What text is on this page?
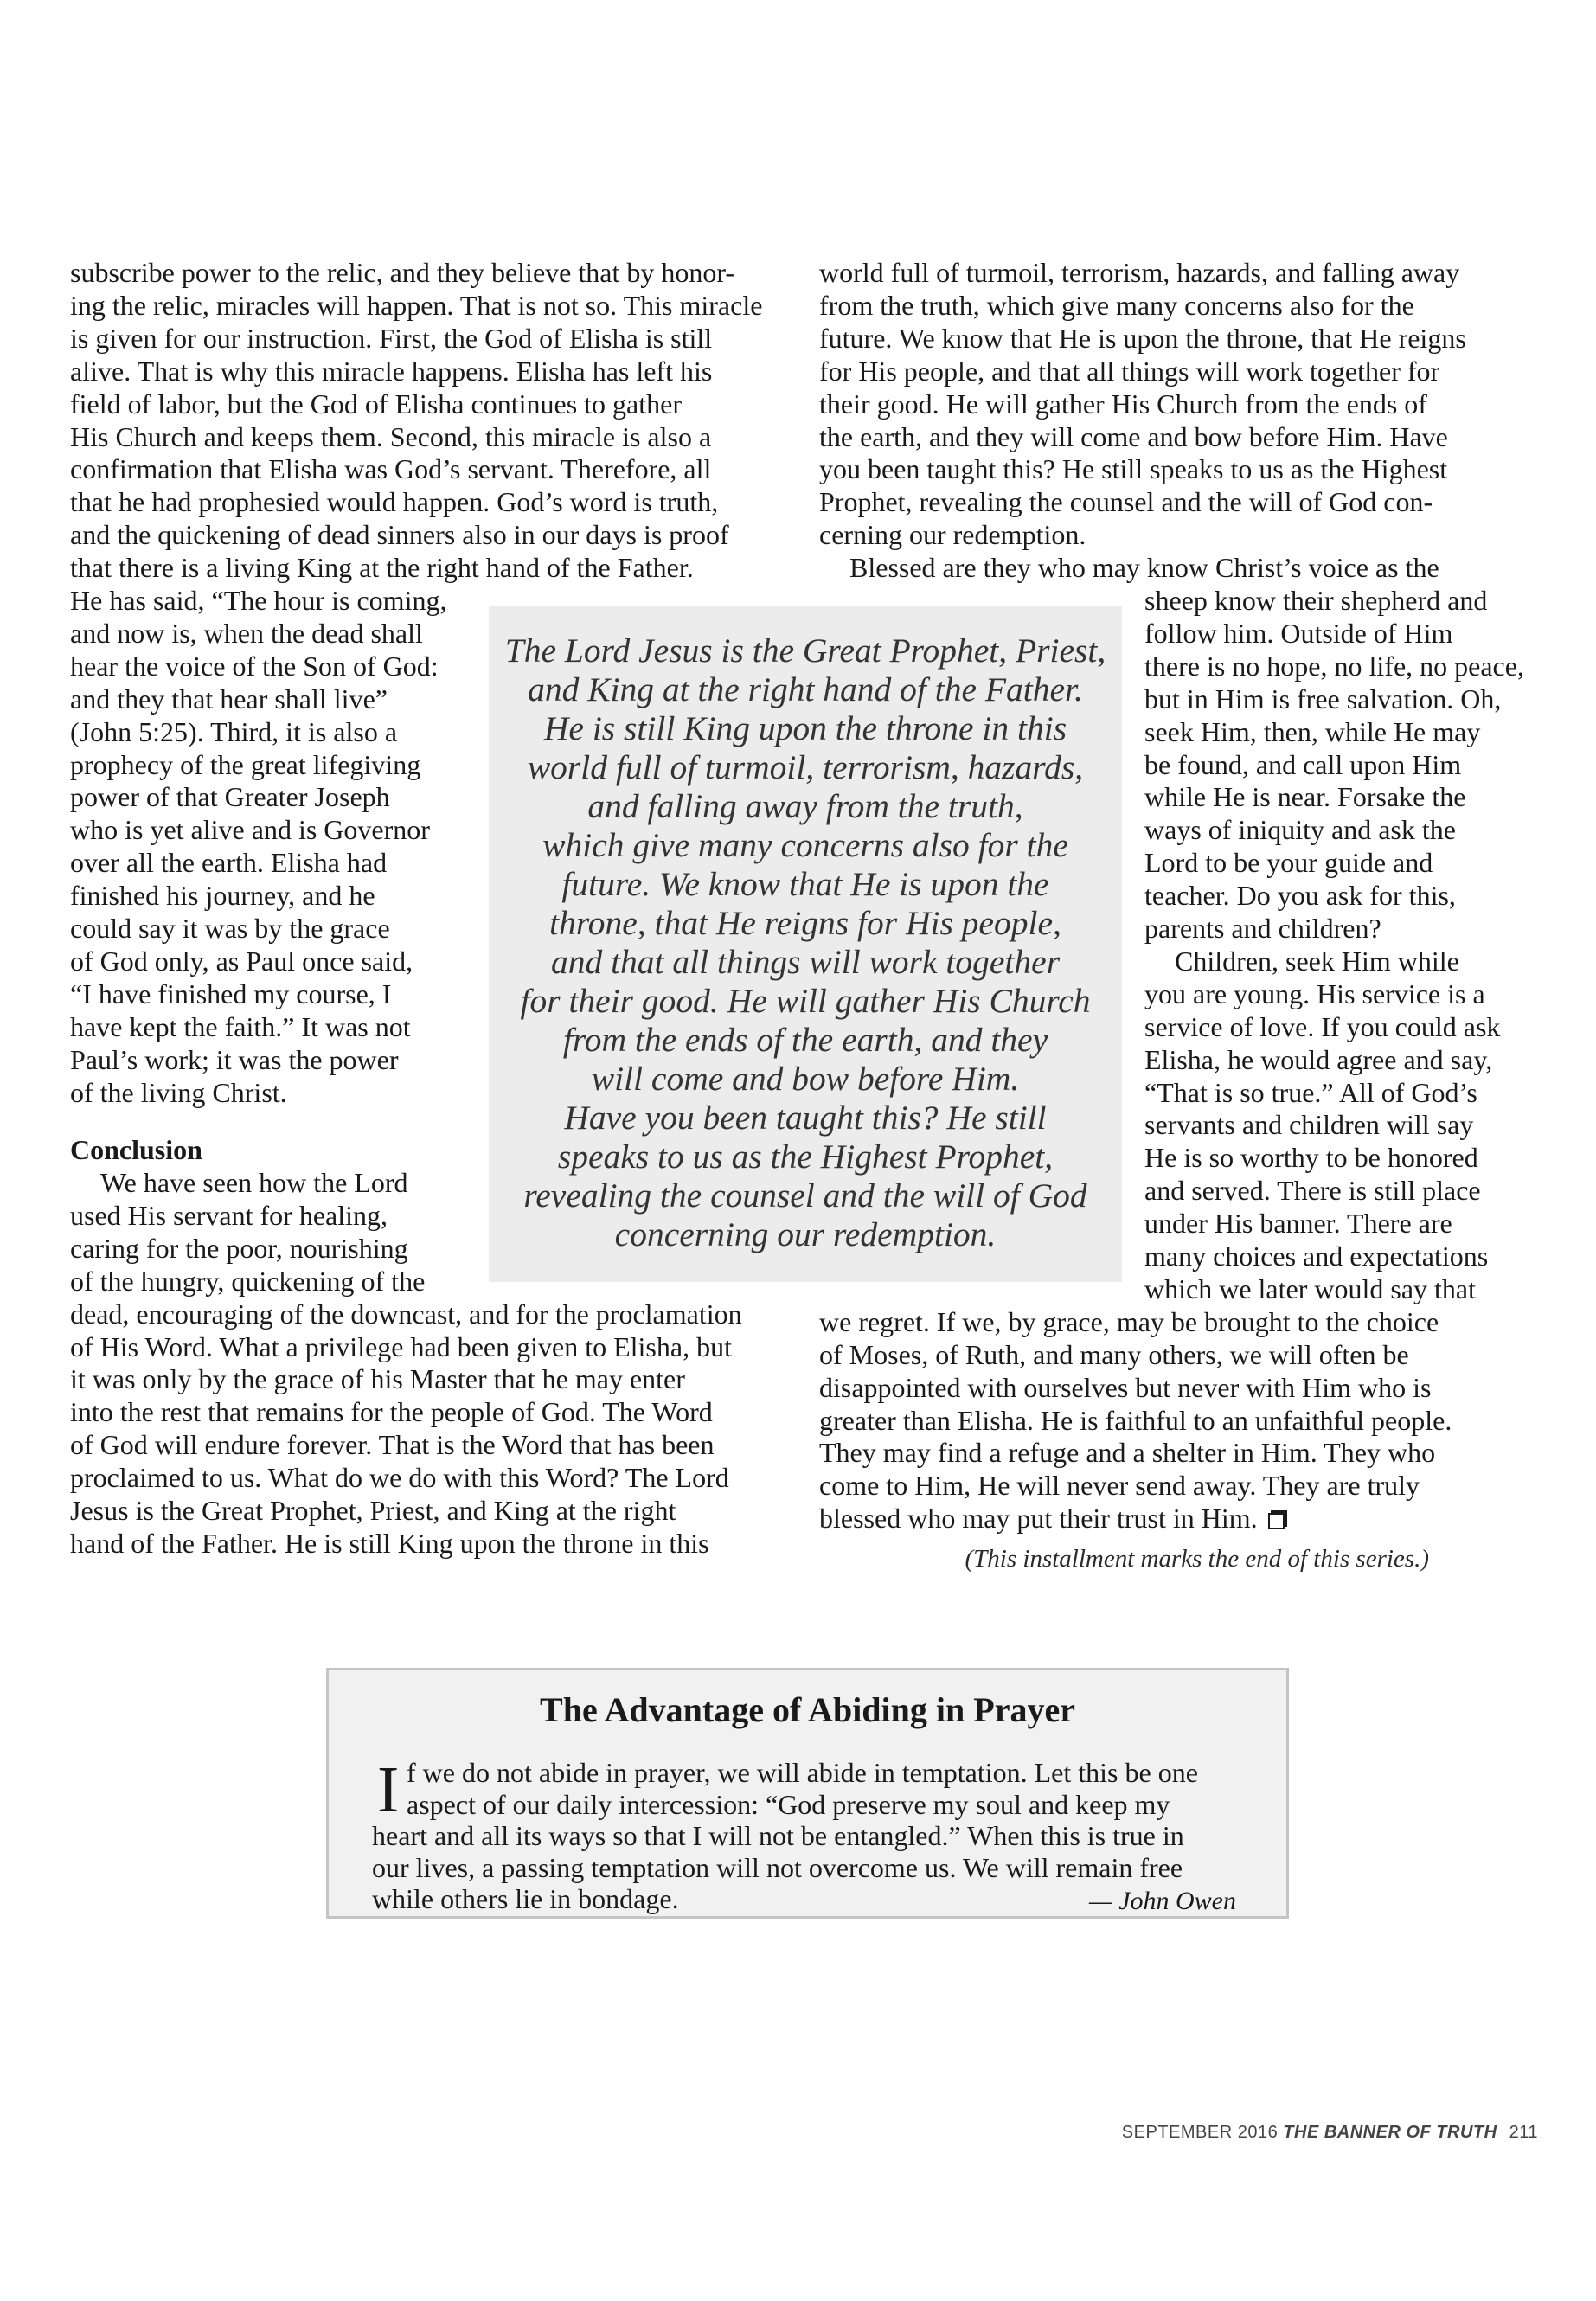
subscribe power to the relic, and they believe that by honor-
ing the relic, miracles will happen. That is not so. This miracle
is given for our instruction. First, the God of Elisha is still
alive. That is why this miracle happens. Elisha has left his
field of labor, but the God of Elisha continues to gather
His Church and keeps them. Second, this miracle is also a
confirmation that Elisha was God’s servant. Therefore, all
that he had prophesied would happen. God’s word is truth,
and the quickening of dead sinners also in our days is proof
that there is a living King at the right hand of the Father.
He has said, “The hour is coming,
and now is, when the dead shall
hear the voice of the Son of God:
and they that hear shall live”
(John 5:25). Third, it is also a
prophecy of the great lifegiving
power of that Greater Joseph
who is yet alive and is Governor
over all the earth. Elisha had
finished his journey, and he
could say it was by the grace
of God only, as Paul once said,
“I have finished my course, I
have kept the faith.” It was not
Paul’s work; it was the power
of the living Christ.
Conclusion
We have seen how the Lord
used His servant for healing,
caring for the poor, nourishing
of the hungry, quickening of the
dead, encouraging of the downcast, and for the proclamation
of His Word. What a privilege had been given to Elisha, but
it was only by the grace of his Master that he may enter
into the rest that remains for the people of God. The Word
of God will endure forever. That is the Word that has been
proclaimed to us. What do we do with this Word? The Lord
Jesus is the Great Prophet, Priest, and King at the right
hand of the Father. He is still King upon the throne in this
world full of turmoil, terrorism, hazards, and falling away
from the truth, which give many concerns also for the
future. We know that He is upon the throne, that He reigns
for His people, and that all things will work together for
their good. He will gather His Church from the ends of
the earth, and they will come and bow before Him. Have
you been taught this? He still speaks to us as the Highest
Prophet, revealing the counsel and the will of God con-
cerning our redemption.
Blessed are they who may know Christ’s voice as the
sheep know their shepherd and
follow him. Outside of Him
there is no hope, no life, no peace,
but in Him is free salvation. Oh,
seek Him, then, while He may
be found, and call upon Him
while He is near. Forsake the
ways of iniquity and ask the
Lord to be your guide and
teacher. Do you ask for this,
parents and children?
Children, seek Him while
you are young. His service is a
service of love. If you could ask
Elisha, he would agree and say,
“That is so true.” All of God’s
servants and children will say
He is so worthy to be honored
and served. There is still place
under His banner. There are
many choices and expectations
which we later would say that
we regret. If we, by grace, may be brought to the choice
of Moses, of Ruth, and many others, we will often be
disappointed with ourselves but never with Him who is
greater than Elisha. He is faithful to an unfaithful people.
They may find a refuge and a shelter in Him. They who
come to Him, He will never send away. They are truly
blessed who may put their trust in Him.
(This installment marks the end of this series.)
The Lord Jesus is the Great Prophet, Priest,
and King at the right hand of the Father.
He is still King upon the throne in this
world full of turmoil, terrorism, hazards,
and falling away from the truth,
which give many concerns also for the
future. We know that He is upon the
throne, that He reigns for His people,
and that all things will work together
for their good. He will gather His Church
from the ends of the earth, and they
will come and bow before Him.
Have you been taught this? He still
speaks to us as the Highest Prophet,
revealing the counsel and the will of God
concerning our redemption.
The Advantage of Abiding in Prayer
I f we do not abide in prayer, we will abide in temptation. Let this be one
aspect of our daily intercession: “God preserve my soul and keep my
heart and all its ways so that I will not be entangled.” When this is true in
our lives, a passing temptation will not overcome us. We will remain free
while others lie in bondage.	— John Owen
SEPTEMBER 2016 THE BANNER OF TRUTH 211
